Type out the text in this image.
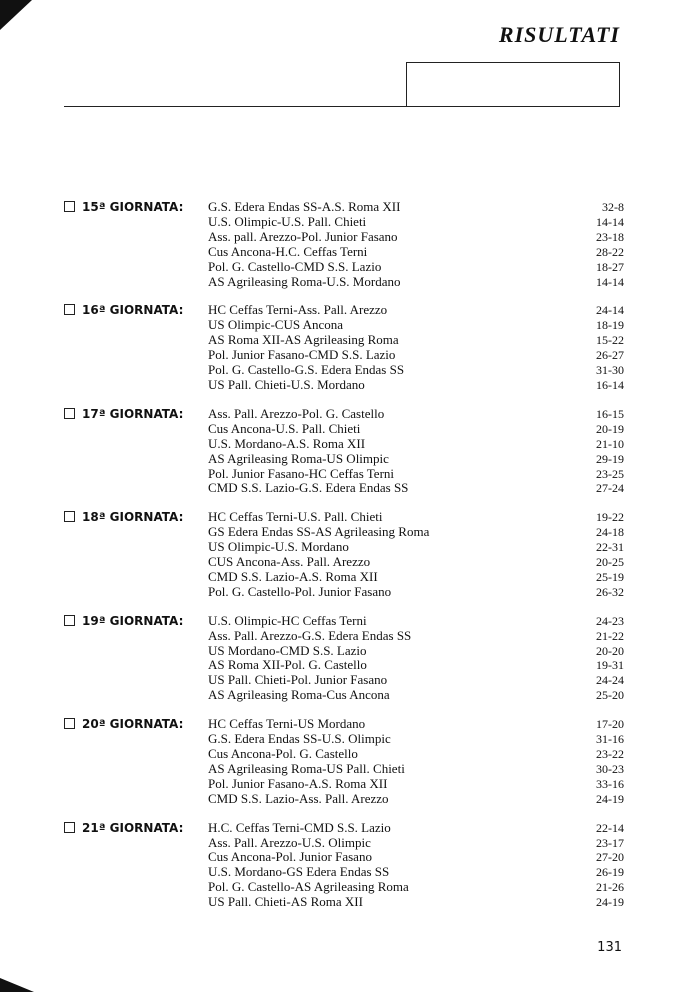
RISULTATI
15ª GIORNATA:	G.S. Edera Endas SS-A.S. Roma XII	32-8
U.S. Olimpic-U.S. Pall. Chieti	14-14
Ass. pall. Arezzo-Pol. Junior Fasano	23-18
Cus Ancona-H.C. Ceffas Terni	28-22
Pol. G. Castello-CMD S.S. Lazio	18-27
AS Agrileasing Roma-U.S. Mordano	14-14
16ª GIORNATA:	HC Ceffas Terni-Ass. Pall. Arezzo	24-14
US Olimpic-CUS Ancona	18-19
AS Roma XII-AS Agrileasing Roma	15-22
Pol. Junior Fasano-CMD S.S. Lazio	26-27
Pol. G. Castello-G.S. Edera Endas SS	31-30
US Pall. Chieti-U.S. Mordano	16-14
17ª GIORNATA:	Ass. Pall. Arezzo-Pol. G. Castello	16-15
Cus Ancona-U.S. Pall. Chieti	20-19
U.S. Mordano-A.S. Roma XII	21-10
AS Agrileasing Roma-US Olimpic	29-19
Pol. Junior Fasano-HC Ceffas Terni	23-25
CMD S.S. Lazio-G.S. Edera Endas SS	27-24
18ª GIORNATA:	HC Ceffas Terni-U.S. Pall. Chieti	19-22
GS Edera Endas SS-AS Agrileasing Roma	24-18
US Olimpic-U.S. Mordano	22-31
CUS Ancona-Ass. Pall. Arezzo	20-25
CMD S.S. Lazio-A.S. Roma XII	25-19
Pol. G. Castello-Pol. Junior Fasano	26-32
19ª GIORNATA:	U.S. Olimpic-HC Ceffas Terni	24-23
Ass. Pall. Arezzo-G.S. Edera Endas SS	21-22
US Mordano-CMD S.S. Lazio	20-20
AS Roma XII-Pol. G. Castello	19-31
US Pall. Chieti-Pol. Junior Fasano	24-24
AS Agrileasing Roma-Cus Ancona	25-20
20ª GIORNATA:	HC Ceffas Terni-US Mordano	17-20
G.S. Edera Endas SS-U.S. Olimpic	31-16
Cus Ancona-Pol. G. Castello	23-22
AS Agrileasing Roma-US Pall. Chieti	30-23
Pol. Junior Fasano-A.S. Roma XII	33-16
CMD S.S. Lazio-Ass. Pall. Arezzo	24-19
21ª GIORNATA:	H.C. Ceffas Terni-CMD S.S. Lazio	22-14
Ass. Pall. Arezzo-U.S. Olimpic	23-17
Cus Ancona-Pol. Junior Fasano	27-20
U.S. Mordano-GS Edera Endas SS	26-19
Pol. G. Castello-AS Agrileasing Roma	21-26
US Pall. Chieti-AS Roma XII	24-19
131
